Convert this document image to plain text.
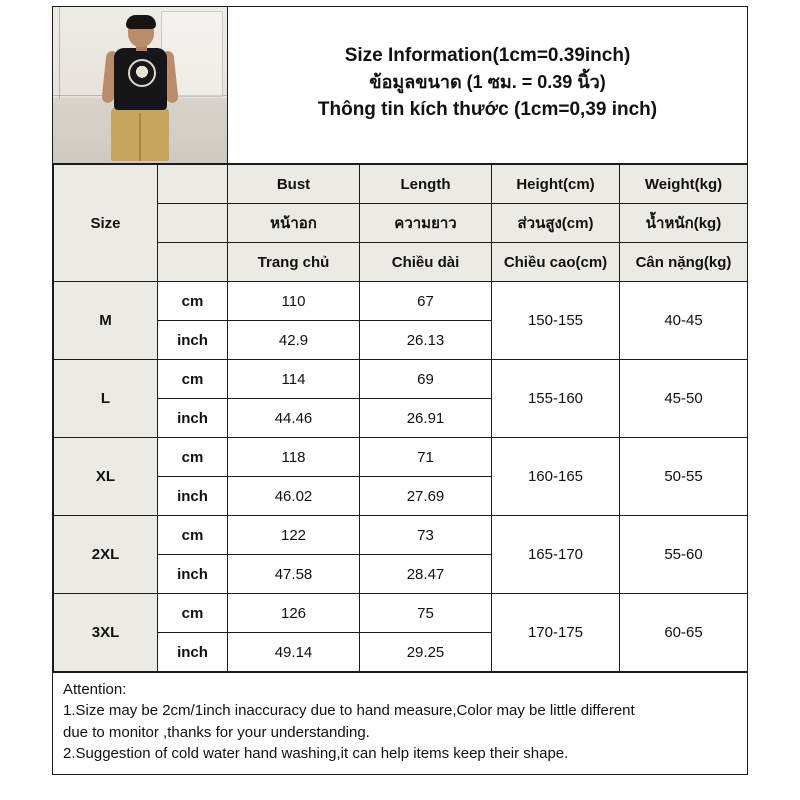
Size Information(1cm=0.39inch)
ข้อมูลขนาด (1 ซม. = 0.39 นิ้ว)
Thông tin kích thước (1cm=0,39 inch)
Size		Bust	Length	Height(cm)	Weight(kg)
		หน้าอก	ความยาว	ส่วนสูง(cm)	น้ำหนัก(kg)
		Trang chủ	Chiều dài	Chiều cao(cm)	Cân nặng(kg)
M	cm	110	67	150-155	40-45
	inch	42.9	26.13		
L	cm	114	69	155-160	45-50
	inch	44.46	26.91		
XL	cm	118	71	160-165	50-55
	inch	46.02	27.69		
2XL	cm	122	73	165-170	55-60
	inch	47.58	28.47		
3XL	cm	126	75	170-175	60-65
	inch	49.14	29.25		
Attention:
1.Size may be 2cm/1inch inaccuracy due to hand measure,Color may be little different
due to monitor ,thanks for your understanding.
2.Suggestion of cold water hand washing,it can help items keep their shape.
